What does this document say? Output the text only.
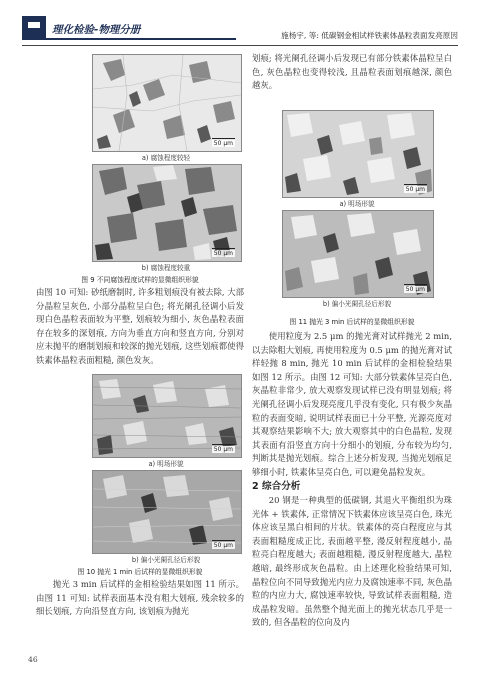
理化检验-物理分册	施杨宇, 等: 低碳钢金相试样铁素体晶粒表面发亮原因
50 μm
a) 腐蚀程度较轻
50 μm
b) 腐蚀程度较重
图 9 不同腐蚀程度试样的显微组织形貌

由图 10 可知: 砂纸磨制时, 许多粗划痕没有被去除, 大部分晶粒呈灰色, 小部分晶粒呈白色; 将光阑孔径调小后发现白色晶粒表面较为平整, 划痕较为细小, 灰色晶粒表面存在较多的深划痕, 方向为垂直方向和竖直方向, 分别对应未抛平的磨制划痕和较深的抛光划痕, 这些划痕都使得铁素体晶粒表面粗糙, 颜色发灰。

50 μm
a) 明场形貌
50 μm
b) 偏小光阑孔径后形貌
图 10 抛光 1 min 后试样的显微组织形貌

抛光 3 min 后试样的金相检验结果如图 11 所示。由图 11 可知: 试样表面基本没有粗大划痕, 残余较多的细长划痕, 方向沿竖直方向, 该划痕为抛光

划痕; 将光阑孔径调小后发现已有部分铁素体晶粒呈白色, 灰色晶粒也变得较浅, 且晶粒表面划痕越深, 颜色越灰。

50 μm
a) 明场形貌
50 μm
b) 偏小光阑孔径后形貌
图 11 抛光 3 min 后试样的显微组织形貌

使用粒度为 2.5 μm 的抛光膏对试样抛光 2 min, 以去除粗大划痕, 再使用粒度为 0.5 μm 的抛光膏对试样轻抛 8 min, 抛光 10 min 后试样的金相检验结果如图 12 所示。由图 12 可知: 大部分铁素体呈亮白色, 灰晶粒非常少, 放大观察发现试样已没有明显划痕; 将光阑孔径调小后发现亮度几乎没有变化, 只有极少灰晶粒的表面变暗, 说明试样表面已十分平整, 光源亮度对其观察结果影响不大; 放大观察其中的白色晶粒, 发现其表面有沿竖直方向十分细小的划痕, 分布较为均匀, 判断其是抛光划痕。综合上述分析发现, 当抛光划痕足够细小时, 铁素体呈亮白色, 可以避免晶粒发灰。

2 综合分析

20 钢是一种典型的低碳钢, 其退火平衡组织为珠光体 + 铁素体, 正常情况下铁素体应该呈亮白色, 珠光体应该呈黑白相间的片状。铁素体的亮白程度应与其表面粗糙度成正比, 表面越平整, 漫反射程度越小, 晶粒亮白程度越大; 表面越粗糙, 漫反射程度越大, 晶粒越暗, 最终形成灰色晶粒。由上述理化检验结果可知, 晶粒位向不同导致抛光内应力及腐蚀速率不同, 灰色晶粒的内应力大, 腐蚀速率较快, 导致试样表面粗糙, 造成晶粒发暗。虽然整个抛光面上的抛光状态几乎是一致的, 但各晶粒的位向及内

46
